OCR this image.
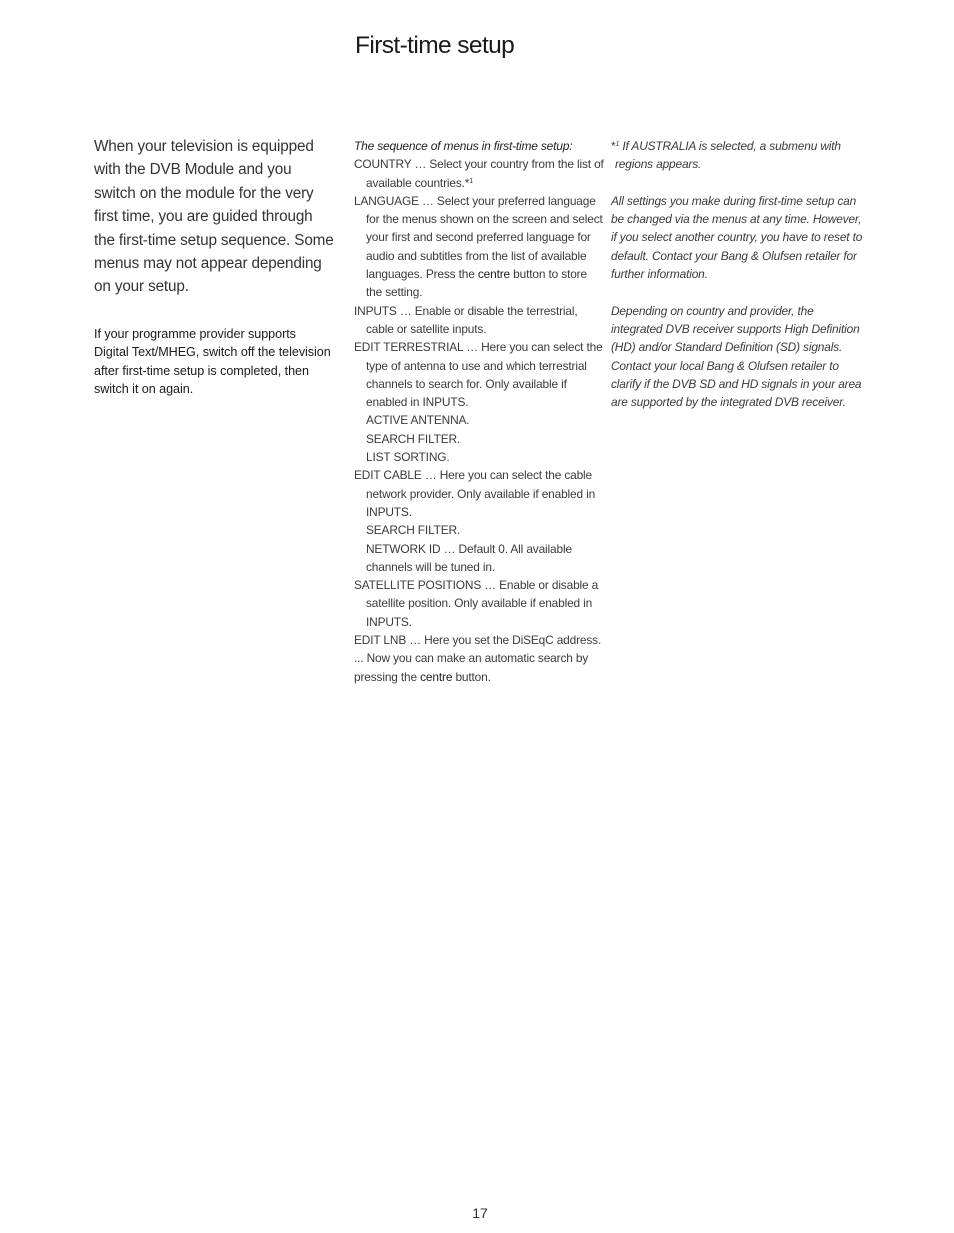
First-time setup

When your television is equipped with the DVB Module and you switch on the module for the very first time, you are guided through the first-time setup sequence. Some menus may not appear depending on your setup.

If your programme provider supports Digital Text/MHEG, switch off the television after first-time setup is completed, then switch it on again.

The sequence of menus in first-time setup:

COUNTRY … Select your country from the list of available countries.*$^1$
LANGUAGE … Select your preferred language for the menus shown on the screen and select your first and second preferred language for audio and subtitles from the list of available languages. Press the centre button to store the setting.
INPUTS … Enable or disable the terrestrial, cable or satellite inputs.
EDIT TERRESTRIAL … Here you can select the type of antenna to use and which terrestrial channels to search for. Only available if enabled in INPUTS.
ACTIVE ANTENNA.
SEARCH FILTER.
LIST SORTING.
EDIT CABLE … Here you can select the cable network provider. Only available if enabled in INPUTS.
SEARCH FILTER.
NETWORK ID … Default 0. All available channels will be tuned in.
SATELLITE POSITIONS … Enable or disable a satellite position. Only available if enabled in INPUTS.
EDIT LNB … Here you set the DiSEqC address.

... Now you can make an automatic search by pressing the centre button.

*$^1$ If AUSTRALIA is selected, a submenu with regions appears.

All settings you make during first-time setup can be changed via the menus at any time. However, if you select another country, you have to reset to default. Contact your Bang & Olufsen retailer for further information.

Depending on country and provider, the integrated DVB receiver supports High Definition (HD) and/or Standard Definition (SD) signals. Contact your local Bang & Olufsen retailer to clarify if the DVB SD and HD signals in your area are supported by the integrated DVB receiver.

17
